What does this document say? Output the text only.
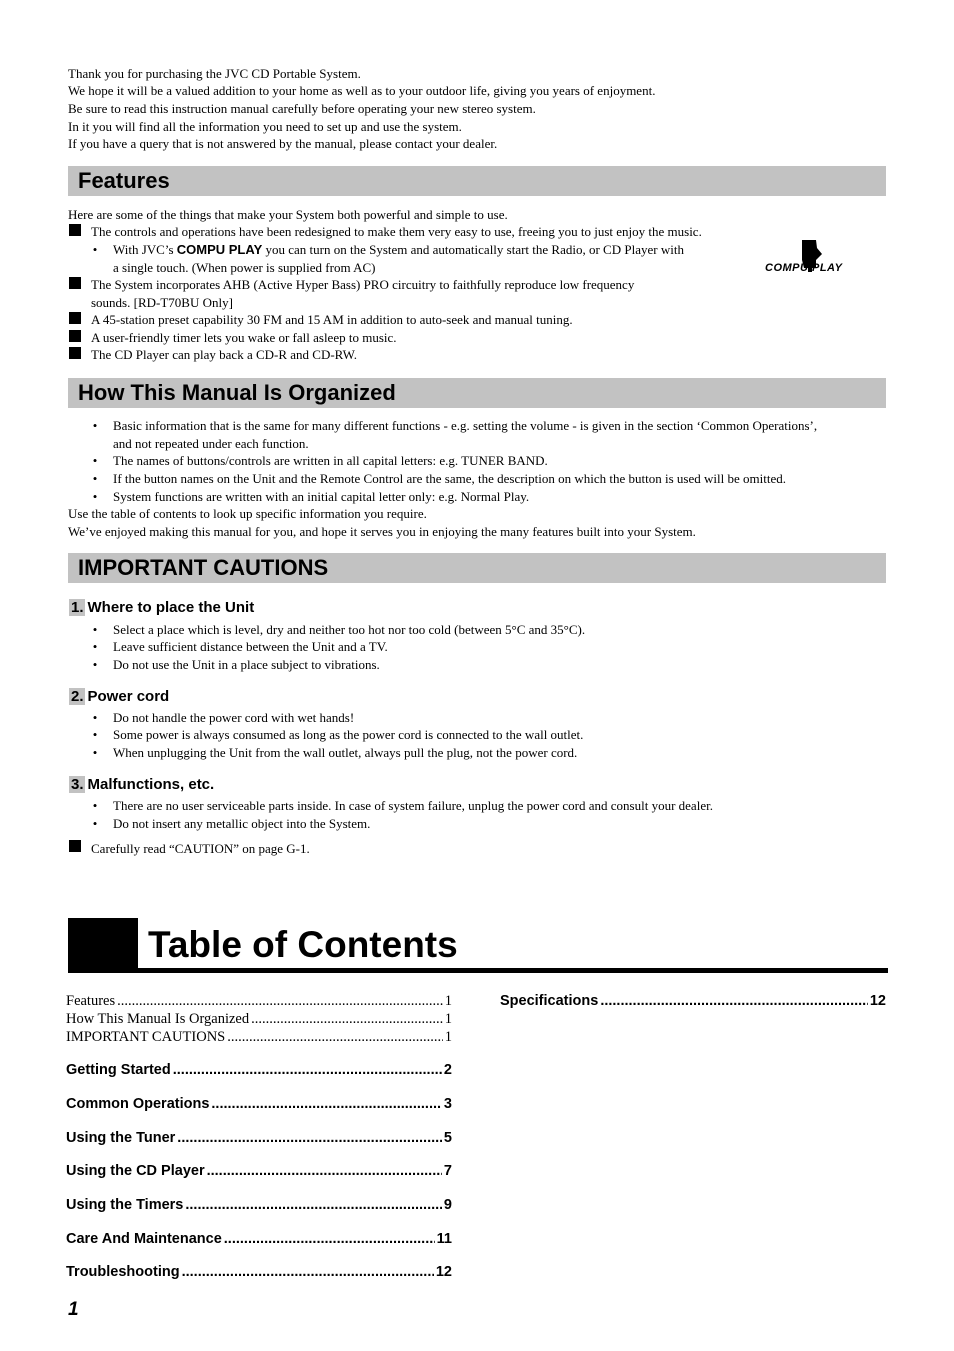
Thank you for purchasing the JVC CD Portable System.
We hope it will be a valued addition to your home as well as to your outdoor life, giving you years of enjoyment.
Be sure to read this instruction manual carefully before operating your new stereo system.
In it you will find all the information you need to set up and use the system.
If you have a query that is not answered by the manual, please contact your dealer.
Features
Here are some of the things that make your System both powerful and simple to use.
The controls and operations have been redesigned to make them very easy to use, freeing you to just enjoy the music.
• With JVC’s COMPU PLAY you can turn on the System and automatically start the Radio, or CD Player with
a single touch. (When power is supplied from AC)	COMPU PLAY
The System incorporates AHB (Active Hyper Bass) PRO circuitry to faithfully reproduce low frequency
sounds. [RD-T70BU Only]
A 45-station preset capability 30 FM and 15 AM in addition to auto-seek and manual tuning.
A user-friendly timer lets you wake or fall asleep to music.
The CD Player can play back a CD-R and CD-RW.
How This Manual Is Organized
• Basic information that is the same for many different functions - e.g. setting the volume - is given in the section ‘Common Operations’,
and not repeated under each function.
• The names of buttons/controls are written in all capital letters: e.g. TUNER BAND.
• If the button names on the Unit and the Remote Control are the same, the description on which the button is used will be omitted.
• System functions are written with an initial capital letter only: e.g. Normal Play.
Use the table of contents to look up specific information you require.
We’ve enjoyed making this manual for you, and hope it serves you in enjoying the many features built into your System.
IMPORTANT CAUTIONS
1. Where to place the Unit
• Select a place which is level, dry and neither too hot nor too cold (between 5°C and 35°C).
• Leave sufficient distance between the Unit and a TV.
• Do not use the Unit in a place subject to vibrations.
2. Power cord
• Do not handle the power cord with wet hands!
• Some power is always consumed as long as the power cord is connected to the wall outlet.
• When unplugging the Unit from the wall outlet, always pull the plug, not the power cord.
3. Malfunctions, etc.
• There are no user serviceable parts inside. In case of system failure, unplug the power cord and consult your dealer.
• Do not insert any metallic object into the System.
Carefully read “CAUTION” on page G-1.
Table of Contents
Features .....	1
How This Manual Is Organized .....	1
IMPORTANT CAUTIONS .....	1
Getting Started .....	2
Common Operations .....	3
Using the Tuner .....	5
Using the CD Player .....	7
Using the Timers .....	9
Care And Maintenance .....	11
Troubleshooting .....	12
Specifications .....	12
1
